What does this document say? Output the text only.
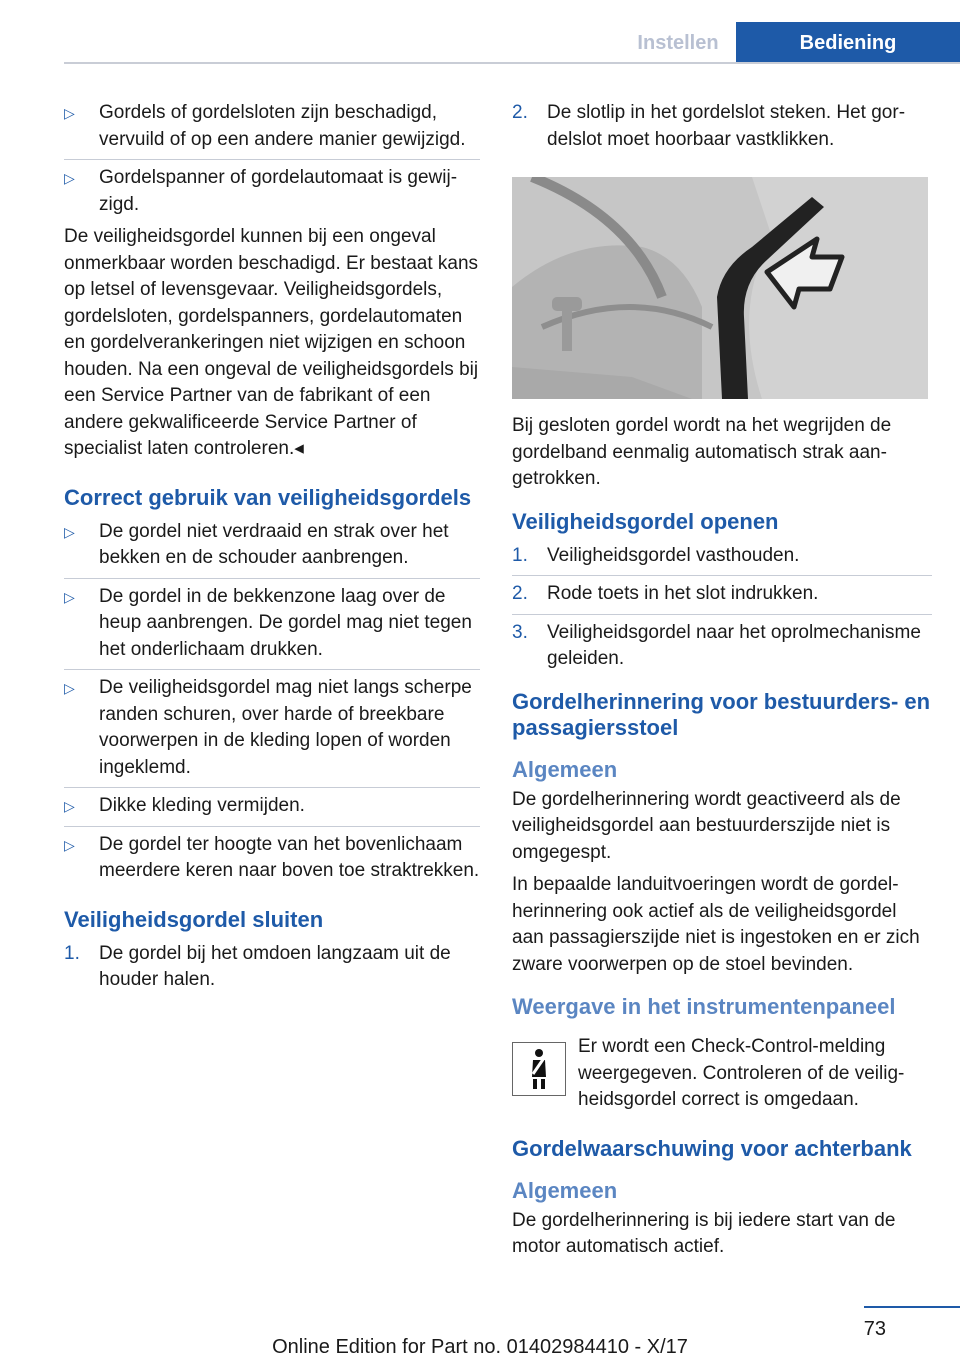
Instellen	Bediening
▷ Gordels of gordelsloten zijn beschadigd, vervuild of op een andere manier gewijzigd.
▷ Gordelspanner of gordelautomaat is gewijzigd.

De veiligheidsgordel kunnen bij een ongeval onmerkbaar worden beschadigd. Er bestaat kans op letsel of levensgevaar. Veiligheidsgordels, gordelsloten, gordelspanners, gordelautomaten en gordelverankeringen niet wijzigen en schoon houden. Na een ongeval de veiligheidsgordels bij een Service Partner van de fabrikant of een andere gekwalificeerde Service Partner of specialist laten controleren.◂

Correct gebruik van veiligheidsgordels
▷ De gordel niet verdraaid en strak over het bekken en de schouder aanbrengen.
▷ De gordel in de bekkenzone laag over de heup aanbrengen. De gordel mag niet tegen het onderlichaam drukken.
▷ De veiligheidsgordel mag niet langs scherpe randen schuren, over harde of breekbare voorwerpen in de kleding lopen of worden ingeklemd.
▷ Dikke kleding vermijden.
▷ De gordel ter hoogte van het bovenlichaam meerdere keren naar boven toe straktrekken.
Veiligheidsgordel sluiten
1. De gordel bij het omdoen langzaam uit de houder halen.
2. De slotlip in het gordelslot steken. Het gordelslot moet hoorbaar vastklikken.

Bij gesloten gordel wordt na het wegrijden de gordelband eenmalig automatisch strak aangetrokken.

Veiligheidsgordel openen
1. Veiligheidsgordel vasthouden.
2. Rode toets in het slot indrukken.
3. Veiligheidsgordel naar het oprolmechanisme geleiden.
Gordelherinnering voor bestuurders- en passagiersstoel
Algemeen

De gordelherinnering wordt geactiveerd als de veiligheidsgordel aan bestuurderszijde niet is omgegespt.

In bepaalde landuitvoeringen wordt de gordelherinnering ook actief als de veiligheidsgordel aan passagierszijde niet is ingestoken en er zich zware voorwerpen op de stoel bevinden.

Weergave in het instrumentenpaneel
Er wordt een Check-Control-melding weergegeven. Controleren of de veiligheidsgordel correct is omgedaan.
Gordelwaarschuwing voor achterbank
Algemeen

De gordelherinnering is bij iedere start van de motor automatisch actief.

73
Online Edition for Part no. 01402984410 - X/17
